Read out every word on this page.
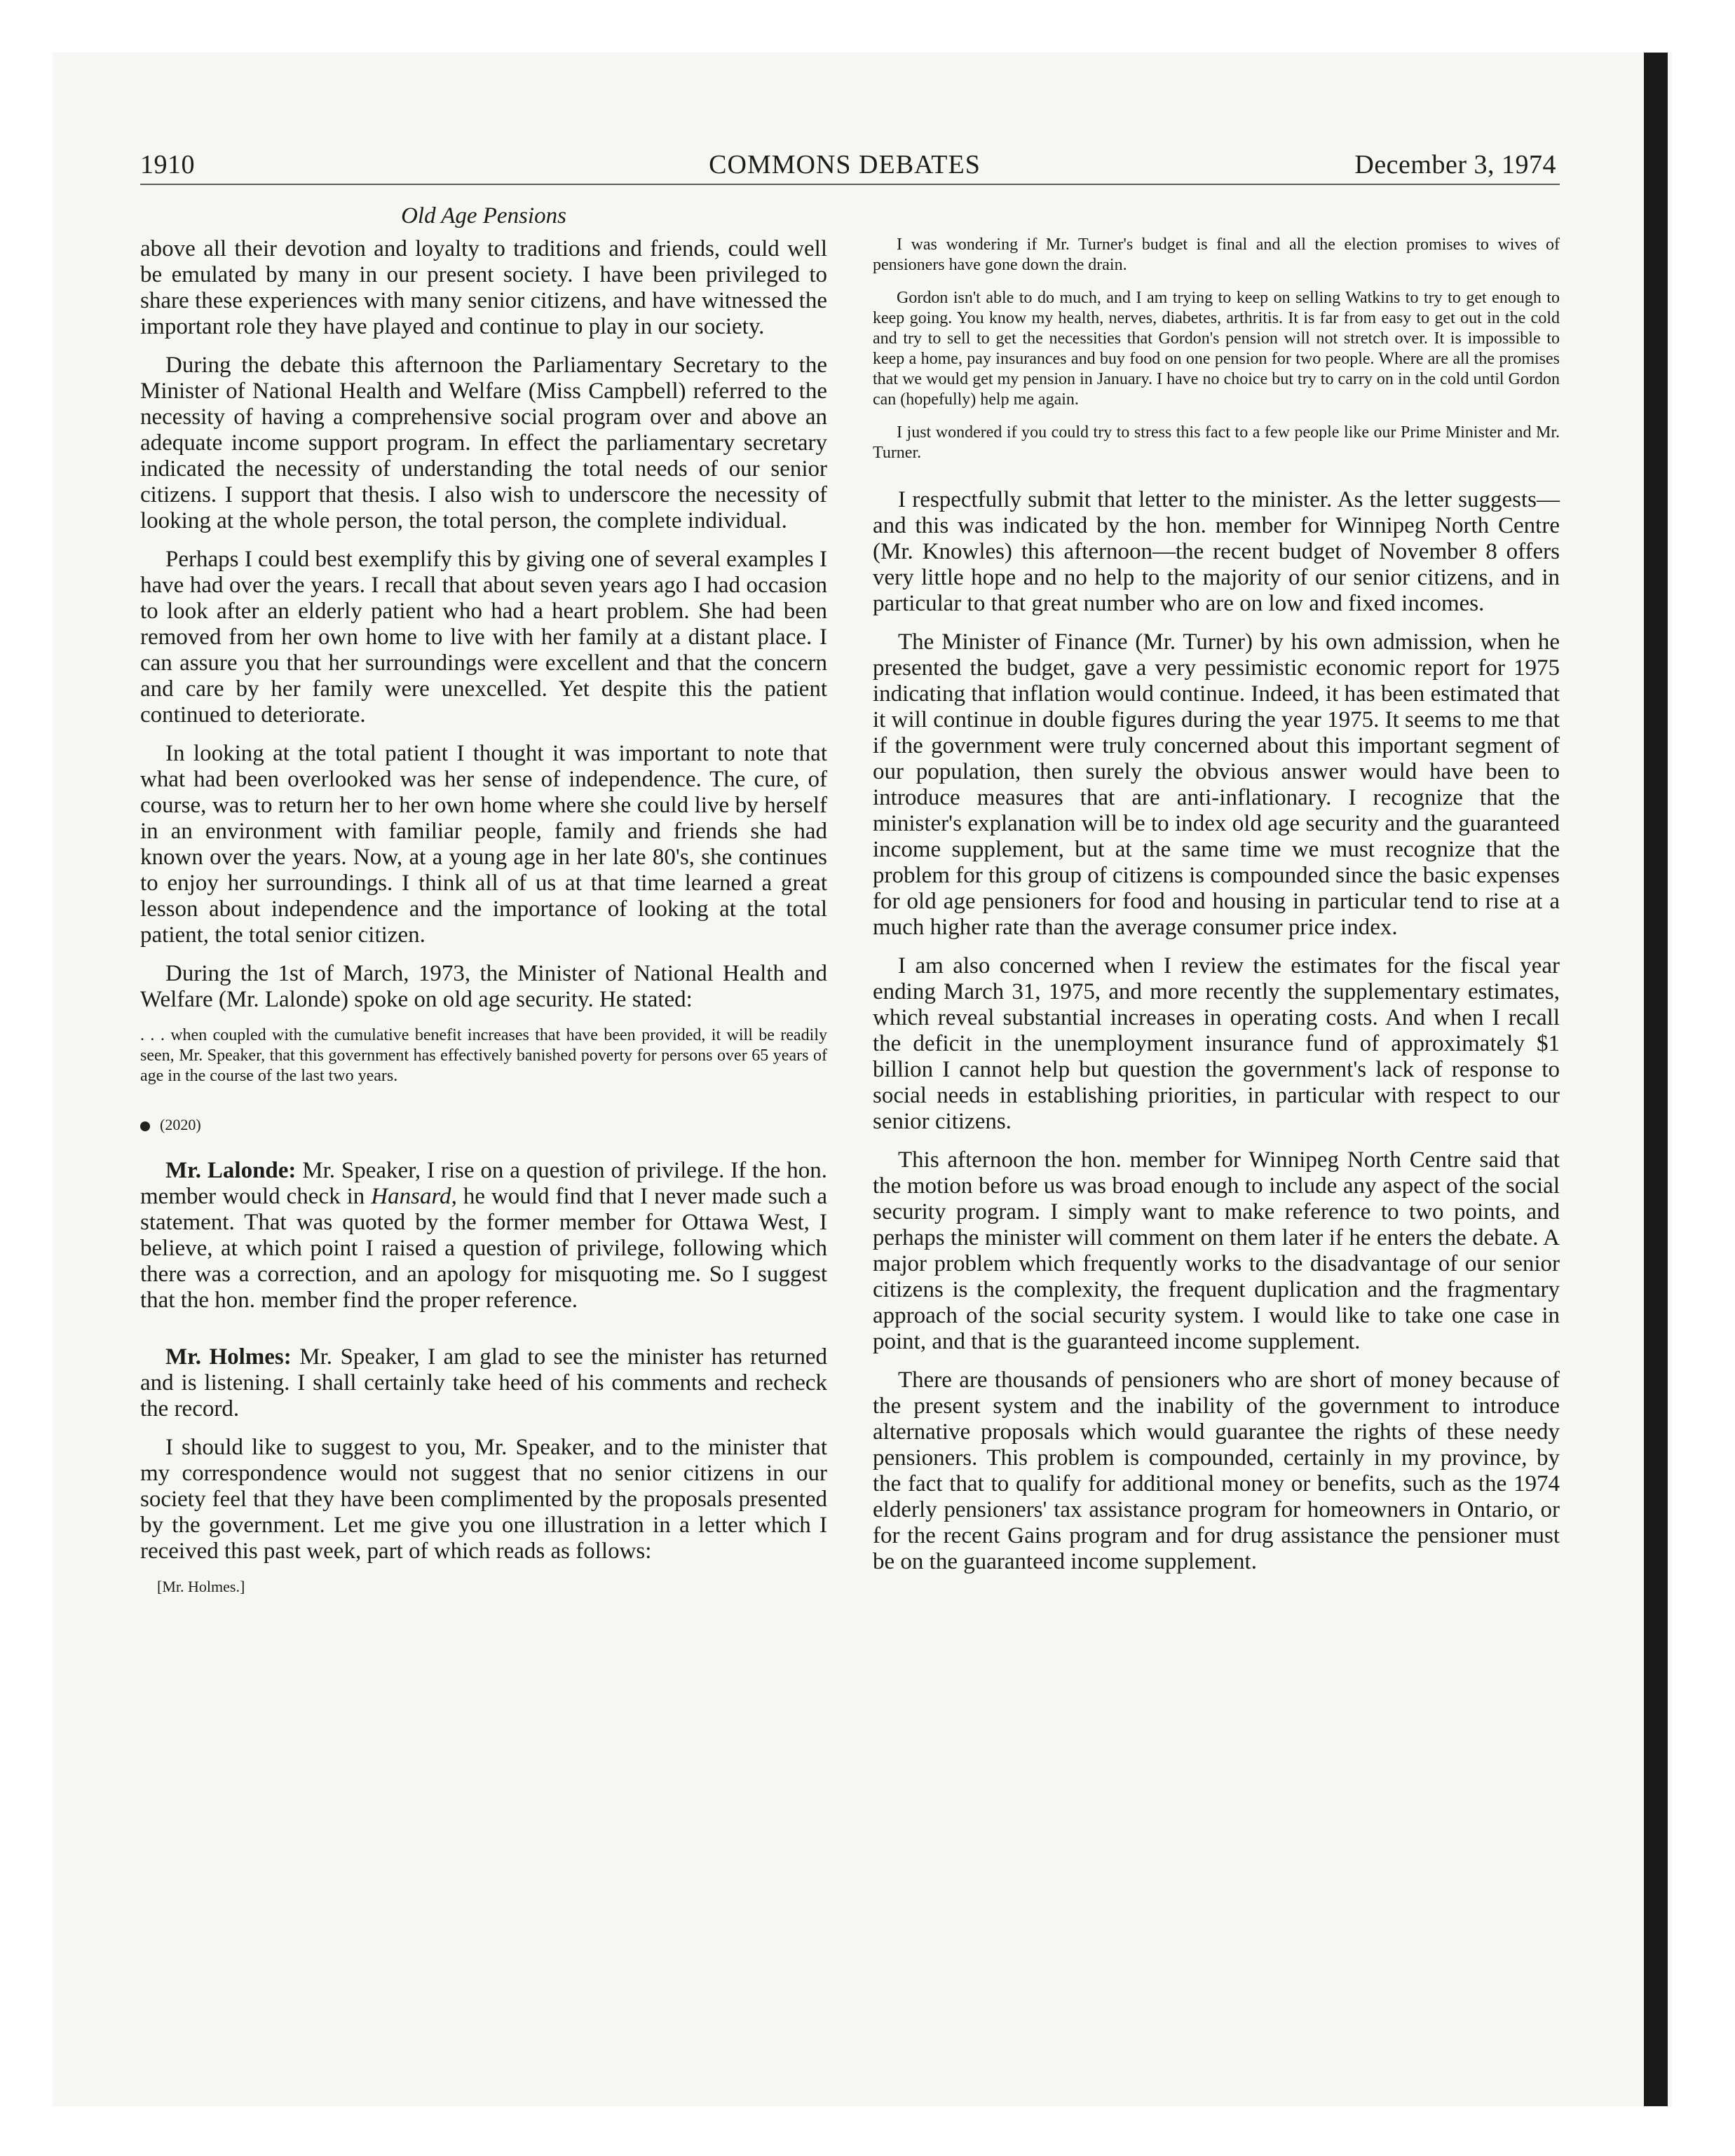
1910	COMMONS DEBATES	December 3, 1974
Old Age Pensions

above all their devotion and loyalty to traditions and friends, could well be emulated by many in our present society. I have been privileged to share these experiences with many senior citizens, and have witnessed the important role they have played and continue to play in our society.

During the debate this afternoon the Parliamentary Secretary to the Minister of National Health and Welfare (Miss Campbell) referred to the necessity of having a comprehensive social program over and above an adequate income support program. In effect the parliamentary secretary indicated the necessity of understanding the total needs of our senior citizens. I support that thesis. I also wish to underscore the necessity of looking at the whole person, the total person, the complete individual.

Perhaps I could best exemplify this by giving one of several examples I have had over the years. I recall that about seven years ago I had occasion to look after an elderly patient who had a heart problem. She had been removed from her own home to live with her family at a distant place. I can assure you that her surroundings were excellent and that the concern and care by her family were unexcelled. Yet despite this the patient continued to deteriorate.

In looking at the total patient I thought it was important to note that what had been overlooked was her sense of independence. The cure, of course, was to return her to her own home where she could live by herself in an environment with familiar people, family and friends she had known over the years. Now, at a young age in her late 80's, she continues to enjoy her surroundings. I think all of us at that time learned a great lesson about independence and the importance of looking at the total patient, the total senior citizen.

During the 1st of March, 1973, the Minister of National Health and Welfare (Mr. Lalonde) spoke on old age security. He stated:

. . . when coupled with the cumulative benefit increases that have been provided, it will be readily seen, Mr. Speaker, that this government has effectively banished poverty for persons over 65 years of age in the course of the last two years.
(2020)

Mr. Lalonde: Mr. Speaker, I rise on a question of privilege. If the hon. member would check in Hansard, he would find that I never made such a statement. That was quoted by the former member for Ottawa West, I believe, at which point I raised a question of privilege, following which there was a correction, and an apology for misquoting me. So I suggest that the hon. member find the proper reference.

Mr. Holmes: Mr. Speaker, I am glad to see the minister has returned and is listening. I shall certainly take heed of his comments and recheck the record.

I should like to suggest to you, Mr. Speaker, and to the minister that my correspondence would not suggest that no senior citizens in our society feel that they have been complimented by the proposals presented by the government. Let me give you one illustration in a letter which I received this past week, part of which reads as follows:

[Mr. Holmes.]
I was wondering if Mr. Turner's budget is final and all the election promises to wives of pensioners have gone down the drain.
Gordon isn't able to do much, and I am trying to keep on selling Watkins to try to get enough to keep going. You know my health, nerves, diabetes, arthritis. It is far from easy to get out in the cold and try to sell to get the necessities that Gordon's pension will not stretch over. It is impossible to keep a home, pay insurances and buy food on one pension for two people. Where are all the promises that we would get my pension in January. I have no choice but try to carry on in the cold until Gordon can (hopefully) help me again.
I just wondered if you could try to stress this fact to a few people like our Prime Minister and Mr. Turner.

I respectfully submit that letter to the minister. As the letter suggests—and this was indicated by the hon. member for Winnipeg North Centre (Mr. Knowles) this afternoon—the recent budget of November 8 offers very little hope and no help to the majority of our senior citizens, and in particular to that great number who are on low and fixed incomes.

The Minister of Finance (Mr. Turner) by his own admission, when he presented the budget, gave a very pessimistic economic report for 1975 indicating that inflation would continue. Indeed, it has been estimated that it will continue in double figures during the year 1975. It seems to me that if the government were truly concerned about this important segment of our population, then surely the obvious answer would have been to introduce measures that are anti-inflationary. I recognize that the minister's explanation will be to index old age security and the guaranteed income supplement, but at the same time we must recognize that the problem for this group of citizens is compounded since the basic expenses for old age pensioners for food and housing in particular tend to rise at a much higher rate than the average consumer price index.

I am also concerned when I review the estimates for the fiscal year ending March 31, 1975, and more recently the supplementary estimates, which reveal substantial increases in operating costs. And when I recall the deficit in the unemployment insurance fund of approximately $1 billion I cannot help but question the government's lack of response to social needs in establishing priorities, in particular with respect to our senior citizens.

This afternoon the hon. member for Winnipeg North Centre said that the motion before us was broad enough to include any aspect of the social security program. I simply want to make reference to two points, and perhaps the minister will comment on them later if he enters the debate. A major problem which frequently works to the disadvantage of our senior citizens is the complexity, the frequent duplication and the fragmentary approach of the social security system. I would like to take one case in point, and that is the guaranteed income supplement.

There are thousands of pensioners who are short of money because of the present system and the inability of the government to introduce alternative proposals which would guarantee the rights of these needy pensioners. This problem is compounded, certainly in my province, by the fact that to qualify for additional money or benefits, such as the 1974 elderly pensioners' tax assistance program for homeowners in Ontario, or for the recent Gains program and for drug assistance the pensioner must be on the guaranteed income supplement.
